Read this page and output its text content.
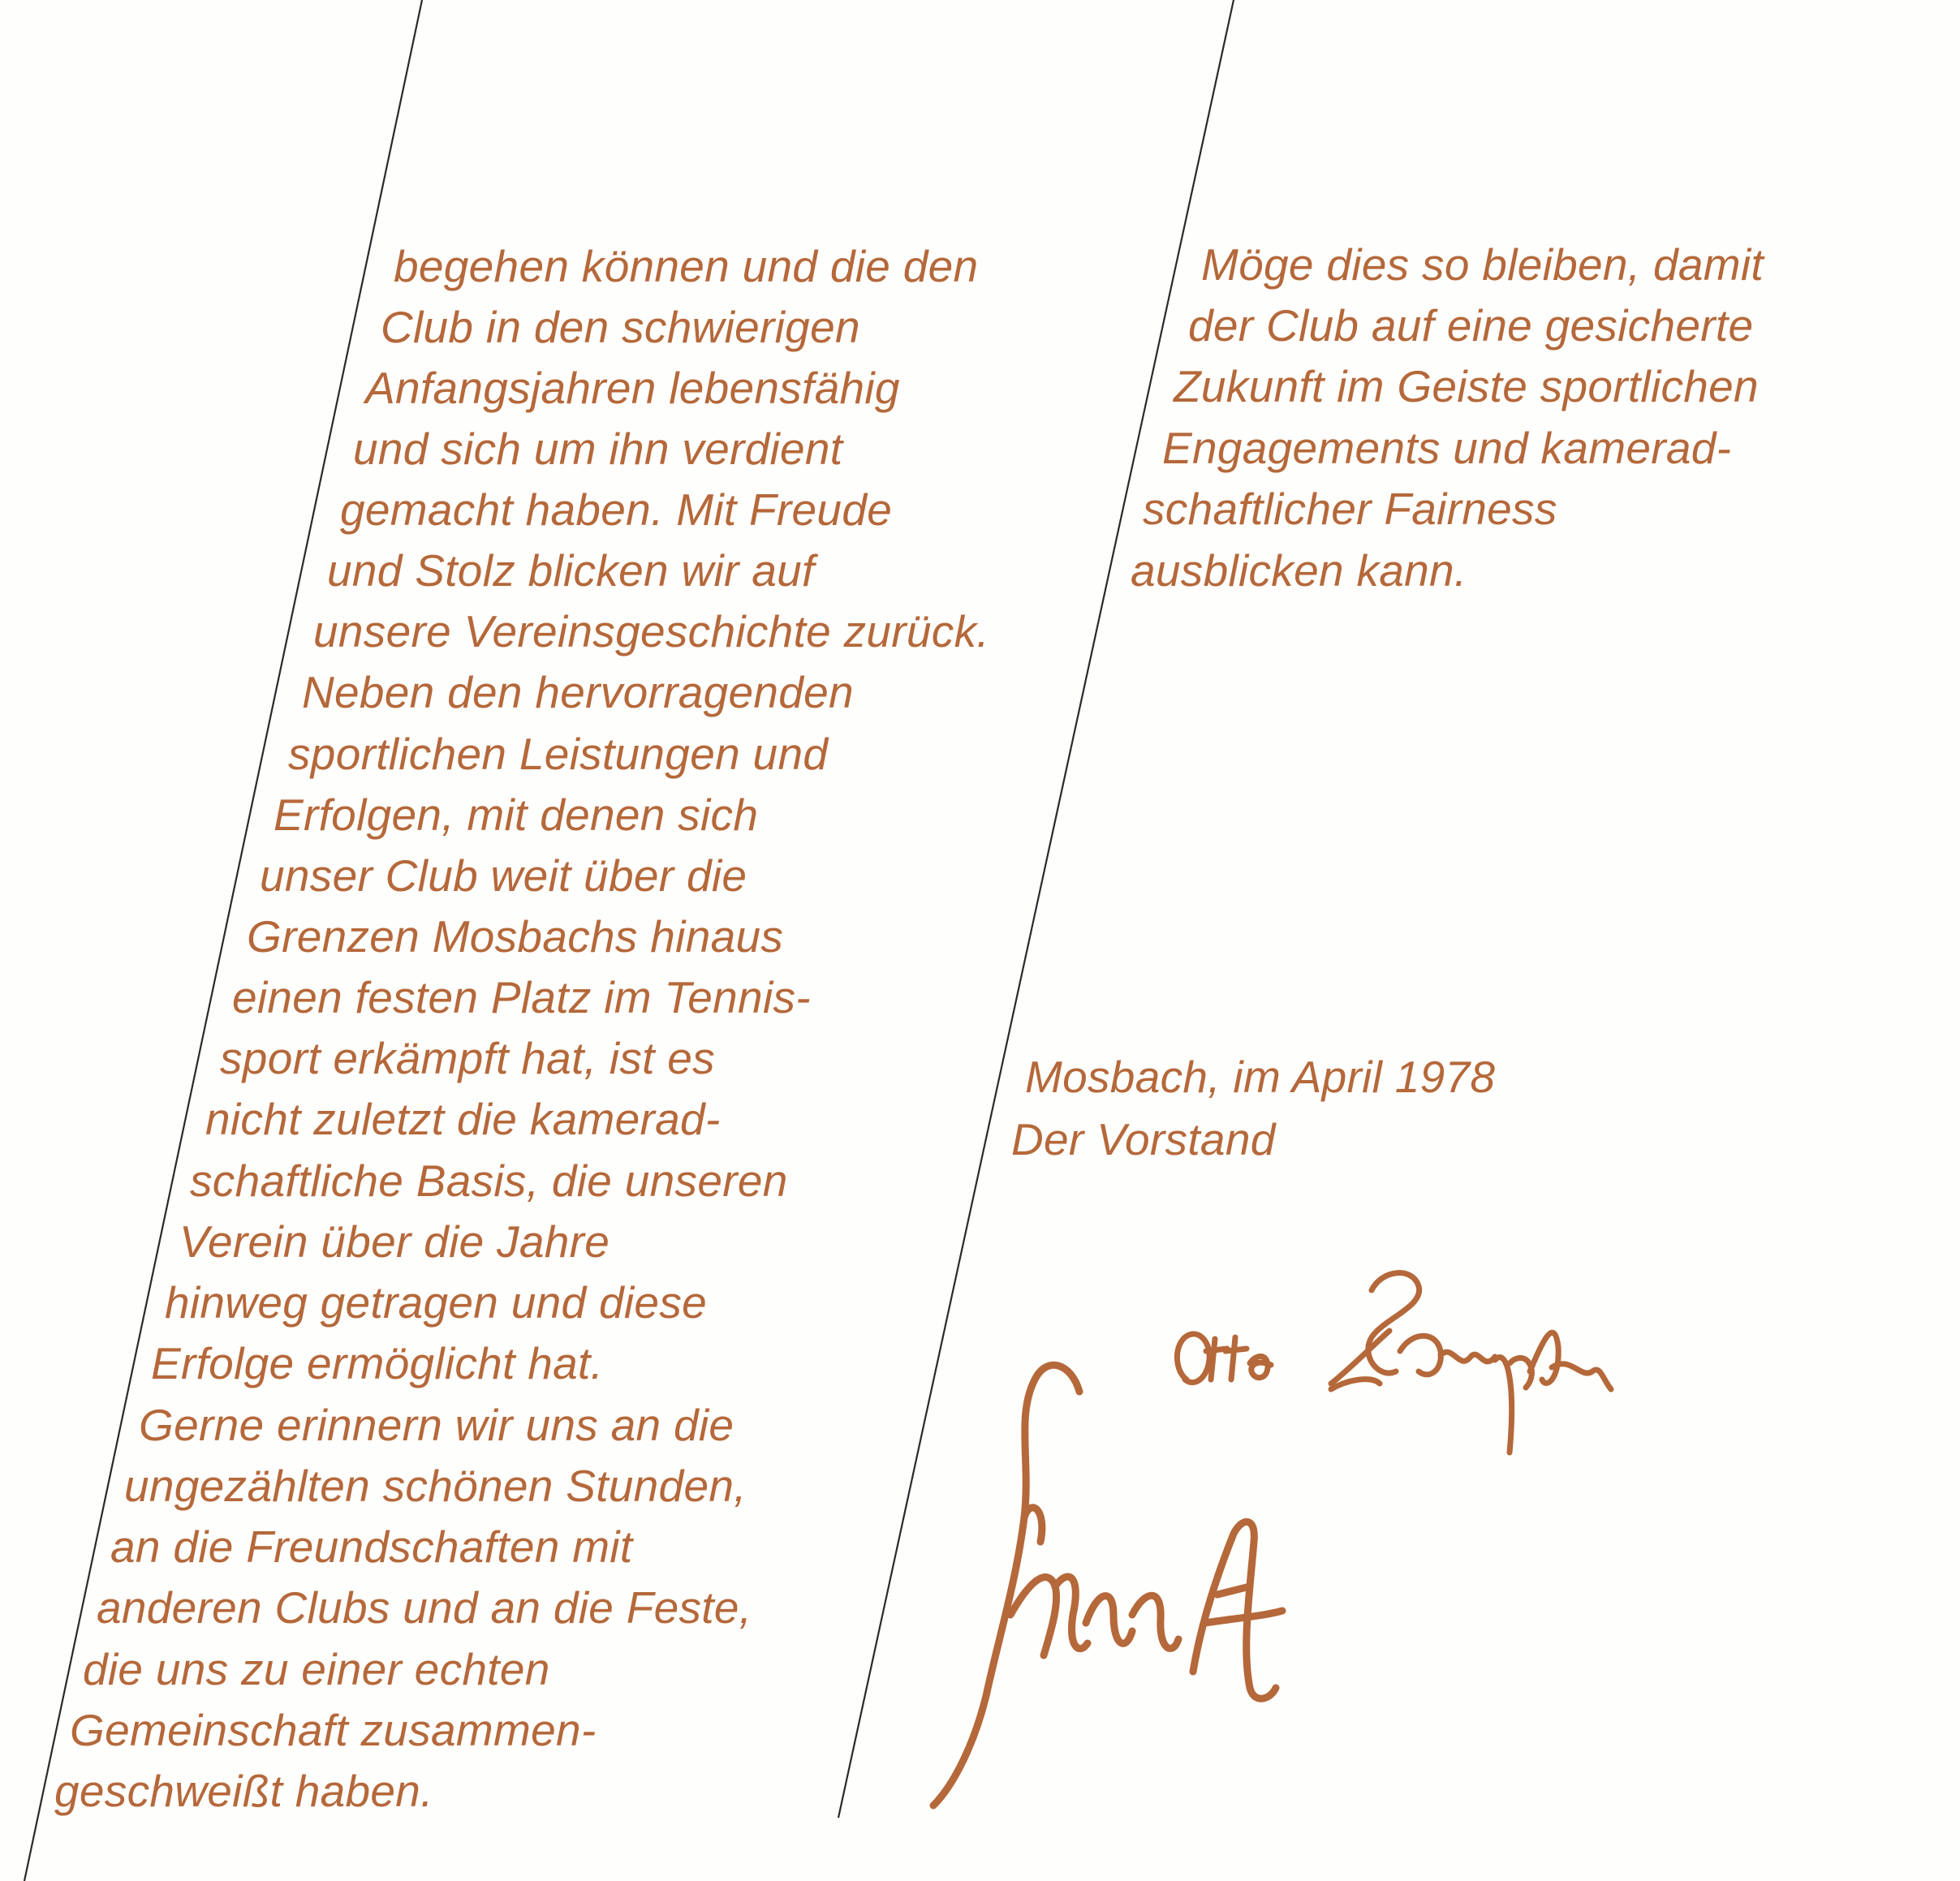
begehen können und die den
Club in den schwierigen
Anfangsjahren lebensfähig
und sich um ihn verdient
gemacht haben. Mit Freude
und Stolz blicken wir auf
unsere Vereinsgeschichte zurück.
Neben den hervorragenden
sportlichen Leistungen und
Erfolgen, mit denen sich
unser Club weit über die
Grenzen Mosbachs hinaus
einen festen Platz im Tennis-
sport erkämpft hat, ist es
nicht zuletzt die kamerad-
schaftliche Basis, die unseren
Verein über die Jahre
hinweg getragen und diese
Erfolge ermöglicht hat.
Gerne erinnern wir uns an die
ungezählten schönen Stunden,
an die Freundschaften mit
anderen Clubs und an die Feste,
die uns zu einer echten
Gemeinschaft zusammen-
geschweißt haben.
Möge dies so bleiben, damit
der Club auf eine gesicherte
Zukunft im Geiste sportlichen
Engagements und kamerad-
schaftlicher Fairness
ausblicken kann.
Mosbach, im April 1978
Der Vorstand
